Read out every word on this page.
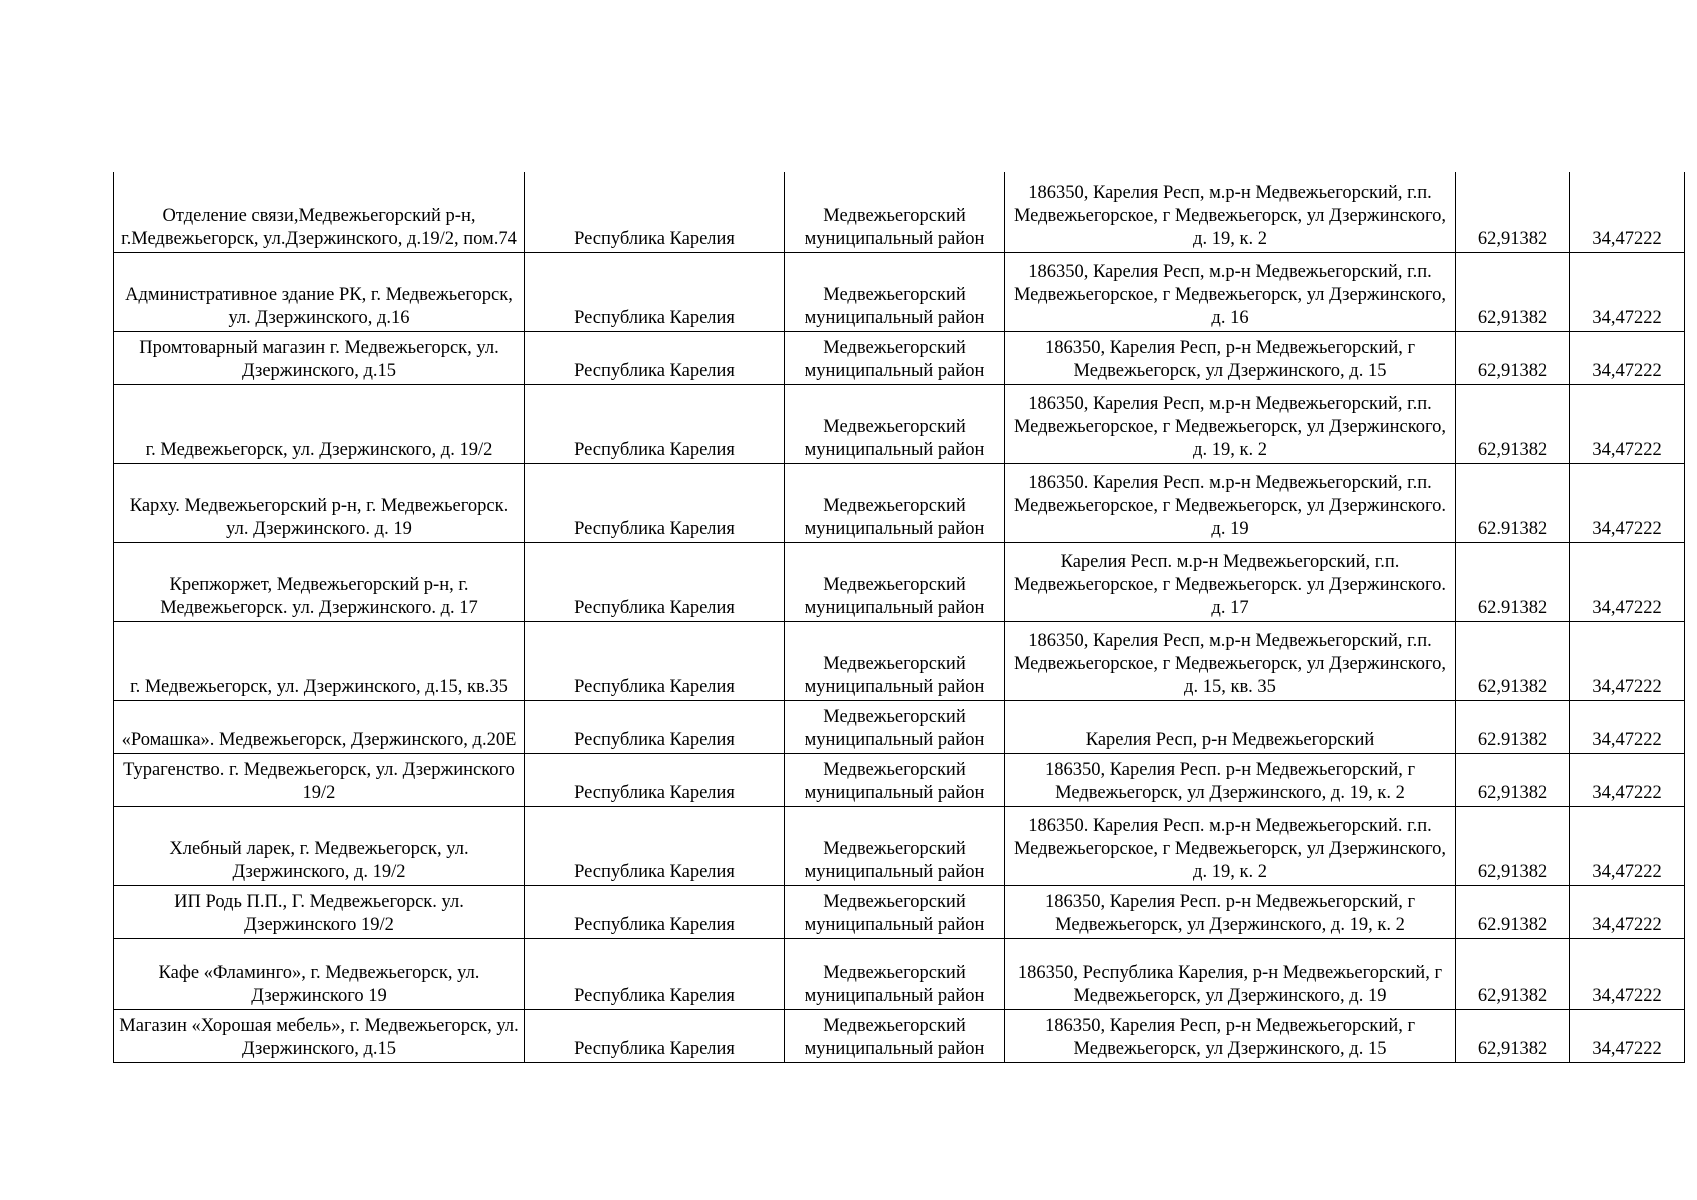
Отделение связи,Медвежьегорский р-н, г.Медвежьегорск, ул.Дзержинского, д.19/2, пом.74	Республика Карелия	Медвежьегорский муниципальный район	186350, Карелия Респ, м.р-н Медвежьегорский, г.п. Медвежьегорское, г Медвежьегорск, ул Дзержинского, д. 19, к. 2	62,91382	34,47222
Административное здание РК, г. Медвежьегорск, ул. Дзержинского, д.16	Республика Карелия	Медвежьегорский муниципальный район	186350, Карелия Респ, м.р-н Медвежьегорский, г.п. Медвежьегорское, г Медвежьегорск, ул Дзержинского, д. 16	62,91382	34,47222
Промтоварный магазин г. Медвежьегорск, ул. Дзержинского, д.15	Республика Карелия	Медвежьегорский муниципальный район	186350, Карелия Респ, р-н Медвежьегорский, г Медвежьегорск, ул Дзержинского, д. 15	62,91382	34,47222
г. Медвежьегорск, ул. Дзержинского, д. 19/2	Республика Карелия	Медвежьегорский муниципальный район	186350, Карелия Респ, м.р-н Медвежьегорский, г.п. Медвежьегорское, г Медвежьегорск, ул Дзержинского, д. 19, к. 2	62,91382	34,47222
Карху. Медвежьегорский р-н, г. Медвежьегорск. ул. Дзержинского. д. 19	Республика Карелия	Медвежьегорский муниципальный район	186350. Карелия Респ. м.р-н Медвежьегорский, г.п. Медвежьегорское, г Медвежьегорск, ул Дзержинского. д. 19	62.91382	34,47222
Крепжоржет, Медвежьегорский р-н, г. Медвежьегорск. ул. Дзержинского. д. 17	Республика Карелия	Медвежьегорский муниципальный район	Карелия Респ. м.р-н Медвежьегорский, г.п. Медвежьегорское, г Медвежьегорск. ул Дзержинского. д. 17	62.91382	34,47222
г. Медвежьегорск, ул. Дзержинского, д.15, кв.35	Республика Карелия	Медвежьегорский муниципальный район	186350, Карелия Респ, м.р-н Медвежьегорский, г.п. Медвежьегорское, г Медвежьегорск, ул Дзержинского, д. 15, кв. 35	62,91382	34,47222
«Ромашка». Медвежьегорск, Дзержинского, д.20Е	Республика Карелия	Медвежьегорский муниципальный район	Карелия Респ, р-н Медвежьегорский	62.91382	34,47222
Турагенство. г. Медвежьегорск, ул. Дзержинского 19/2	Республика Карелия	Медвежьегорский муниципальный район	186350, Карелия Респ. р-н Медвежьегорский, г Медвежьегорск, ул Дзержинского, д. 19, к. 2	62,91382	34,47222
Хлебный ларек, г. Медвежьегорск, ул. Дзержинского, д. 19/2	Республика Карелия	Медвежьегорский муниципальный район	186350. Карелия Респ. м.р-н Медвежьегорский. г.п. Медвежьегорское, г Медвежьегорск, ул Дзержинского, д. 19, к. 2	62,91382	34,47222
ИП Родь П.П., Г. Медвежьегорск. ул. Дзержинского 19/2	Республика Карелия	Медвежьегорский муниципальный район	186350, Карелия Респ. р-н Медвежьегорский, г Медвежьегорск, ул Дзержинского, д. 19, к. 2	62.91382	34,47222
Кафе «Фламинго», г. Медвежьегорск, ул. Дзержинского 19	Республика Карелия	Медвежьегорский муниципальный район	186350, Республика Карелия, р-н Медвежьегорский, г Медвежьегорск, ул Дзержинского, д. 19	62,91382	34,47222
Магазин «Хорошая мебель», г. Медвежьегорск, ул. Дзержинского, д.15	Республика Карелия	Медвежьегорский муниципальный район	186350, Карелия Респ, р-н Медвежьегорский, г Медвежьегорск, ул Дзержинского, д. 15	62,91382	34,47222
